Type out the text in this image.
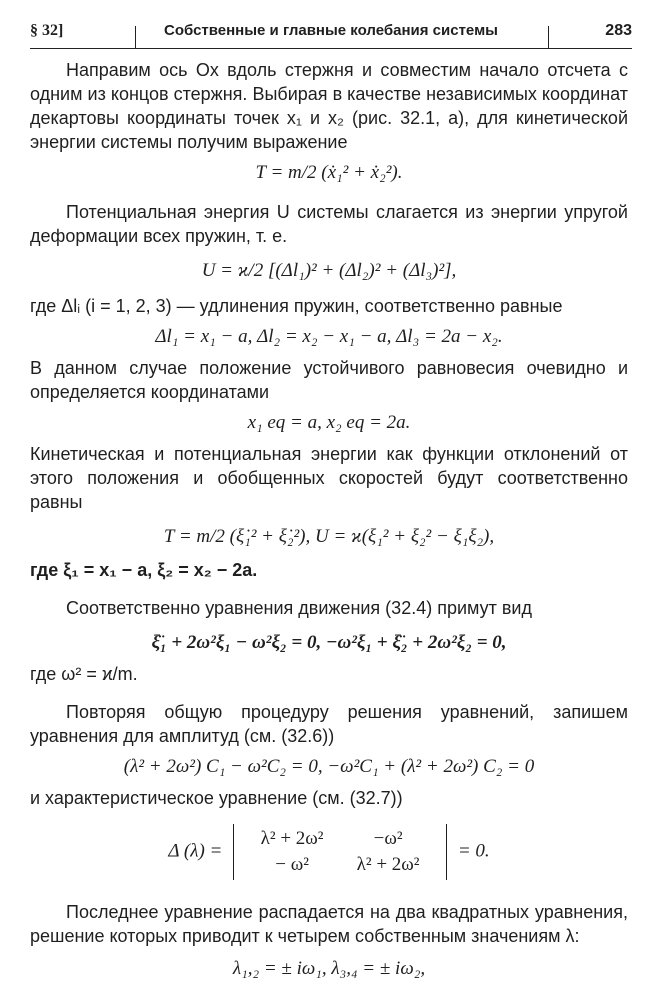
§ 32]	Собственные и главные колебания системы	283

Направим ось Ox вдоль стержня и совместим начало отсчета с одним из концов стержня. Выбирая в качестве независимых координат декартовы координаты точек x₁ и x₂ (рис. 32.1, а), для кинетической энергии системы получим выражение

T = m/2 (ẋ₁² + ẋ₂²).

Потенциальная энергия U системы слагается из энергии упругой деформации всех пружин, т. е.

U = ϰ/2 [(Δl₁)² + (Δl₂)² + (Δl₃)²],

где Δlᵢ (i = 1, 2, 3) — удлинения пружин, соответственно равные

Δl₁ = x₁ − a, Δl₂ = x₂ − x₁ − a, Δl₃ = 2a − x₂.

В данном случае положение устойчивого равновесия очевидно и определяется координатами

x₁ eq = a, x₂ eq = 2a.

Кинетическая и потенциальная энергии как функции отклонений от этого положения и обобщенных скоростей будут соответственно равны

T = m/2 (ξ̇₁² + ξ̇₂²), U = ϰ(ξ₁² + ξ₂² − ξ₁ξ₂),

где ξ₁ = x₁ − a, ξ₂ = x₂ − 2a.

Соответственно уравнения движения (32.4) примут вид

ξ̈₁ + 2ω²ξ₁ − ω²ξ₂ = 0, −ω²ξ₁ + ξ̈₂ + 2ω²ξ₂ = 0,

где ω² = ϰ/m.

Повторяя общую процедуру решения уравнений, запишем уравнения для амплитуд (см. (32.6))

(λ² + 2ω²) C₁ − ω²C₂ = 0, −ω²C₁ + (λ² + 2ω²) C₂ = 0

и характеристическое уравнение (см. (32.7))

Δ (λ) =
λ² + 2ω²	−ω²
− ω²	λ² + 2ω²
= 0.

Последнее уравнение распадается на два квадратных уравнения, решение которых приводит к четырем собственным значениям λ:

λ₁,₂ = ± iω₁, λ₃,₄ = ± iω₂,
